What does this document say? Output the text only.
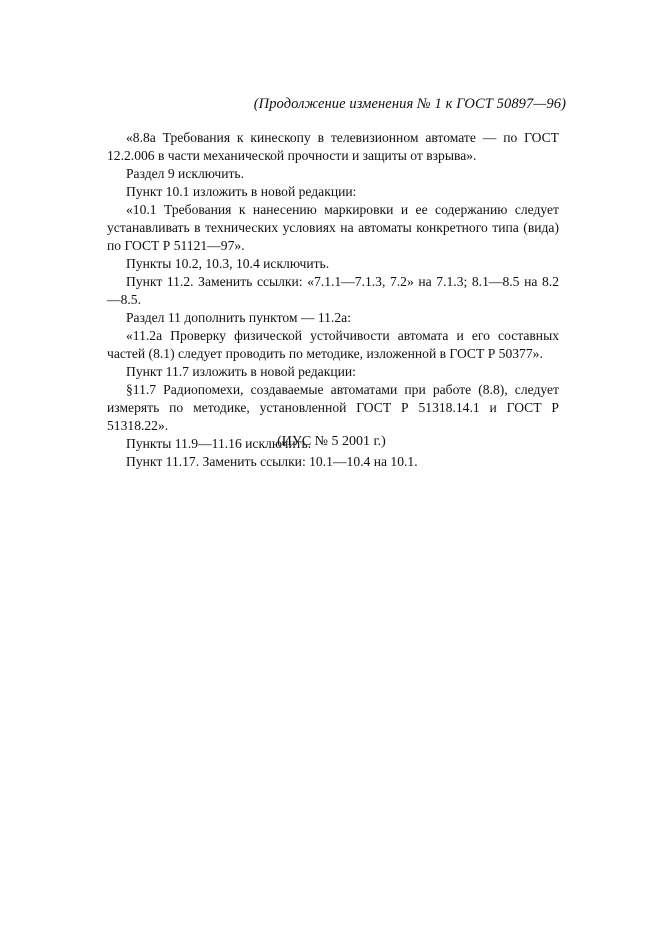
(Продолжение изменения № 1 к ГОСТ 50897—96)

«8.8а Требования к кинескопу в телевизионном автомате — по ГОСТ 12.2.006 в части механической прочности и защиты от взрыва».

Раздел 9 исключить.

Пункт 10.1 изложить в новой редакции:

«10.1 Требования к нанесению маркировки и ее содержанию следует устанавливать в технических условиях на автоматы конкретного типа (вида) по ГОСТ Р 51121—97».

Пункты 10.2, 10.3, 10.4 исключить.

Пункт 11.2. Заменить ссылки: «7.1.1—7.1.3, 7.2» на 7.1.3; 8.1—8.5 на 8.2—8.5.

Раздел 11 дополнить пунктом — 11.2а:

«11.2а Проверку физической устойчивости автомата и его составных частей (8.1) следует проводить по методике, изложенной в ГОСТ Р 50377».

Пункт 11.7 изложить в новой редакции:

§11.7 Радиопомехи, создаваемые автоматами при работе (8.8), следует измерять по методике, установленной ГОСТ Р 51318.14.1 и ГОСТ Р 51318.22».

Пункты 11.9—11.16 исключить.

Пункт 11.17. Заменить ссылки: 10.1—10.4 на 10.1.

(ИУС № 5 2001 г.)
